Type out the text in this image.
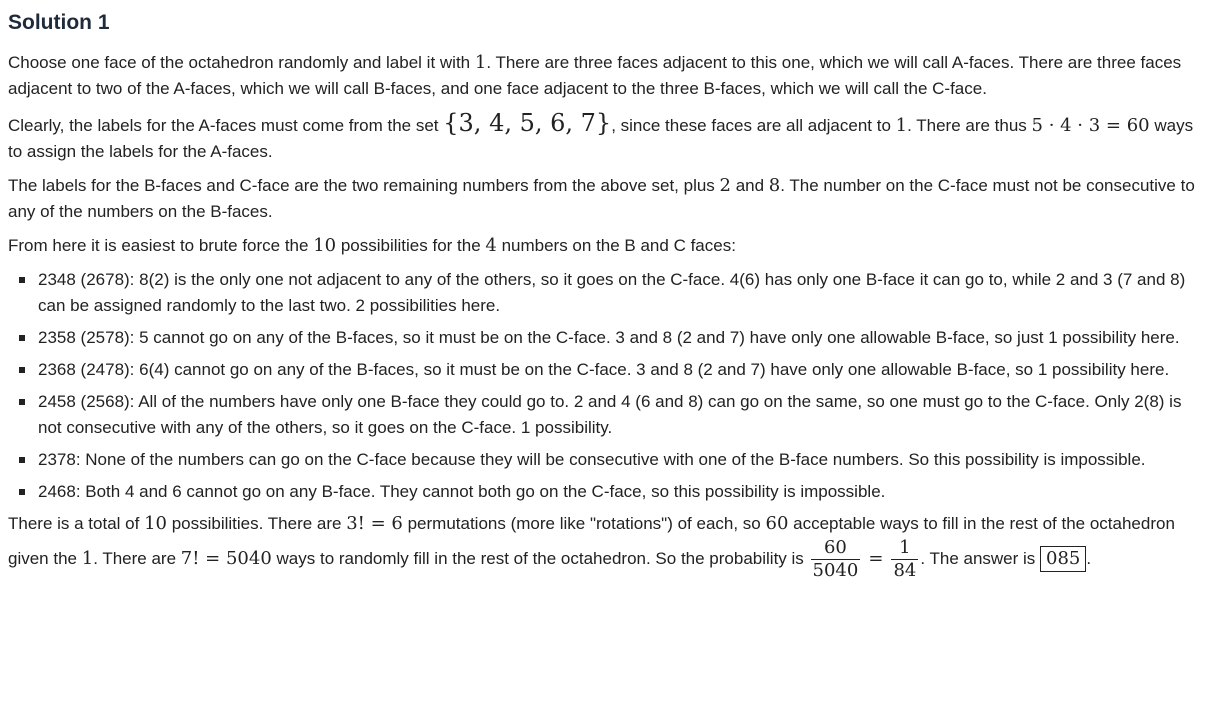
Solution 1

Choose one face of the octahedron randomly and label it with 1. There are three faces adjacent to this one, which we will call A-faces. There are three faces adjacent to two of the A-faces, which we will call B-faces, and one face adjacent to the three B-faces, which we will call the C-face.

Clearly, the labels for the A-faces must come from the set {3, 4, 5, 6, 7}, since these faces are all adjacent to 1. There are thus 5 · 4 · 3 = 60 ways to assign the labels for the A-faces.

The labels for the B-faces and C-face are the two remaining numbers from the above set, plus 2 and 8. The number on the C-face must not be consecutive to any of the numbers on the B-faces.

From here it is easiest to brute force the 10 possibilities for the 4 numbers on the B and C faces:

2348 (2678): 8(2) is the only one not adjacent to any of the others, so it goes on the C-face. 4(6) has only one B-face it can go to, while 2 and 3 (7 and 8) can be assigned randomly to the last two. 2 possibilities here.
2358 (2578): 5 cannot go on any of the B-faces, so it must be on the C-face. 3 and 8 (2 and 7) have only one allowable B-face, so just 1 possibility here.
2368 (2478): 6(4) cannot go on any of the B-faces, so it must be on the C-face. 3 and 8 (2 and 7) have only one allowable B-face, so 1 possibility here.
2458 (2568): All of the numbers have only one B-face they could go to. 2 and 4 (6 and 8) can go on the same, so one must go to the C-face. Only 2(8) is not consecutive with any of the others, so it goes on the C-face. 1 possibility.
2378: None of the numbers can go on the C-face because they will be consecutive with one of the B-face numbers. So this possibility is impossible.
2468: Both 4 and 6 cannot go on any B-face. They cannot both go on the C-face, so this possibility is impossible.

There is a total of 10 possibilities. There are 3! = 6 permutations (more like "rotations") of each, so 60 acceptable ways to fill in the rest of the octahedron given the 1. There are 7! = 5040 ways to randomly fill in the rest of the octahedron. So the probability is $\frac{60}{5040} = \frac{1}{84}$ . The answer is 085 .
